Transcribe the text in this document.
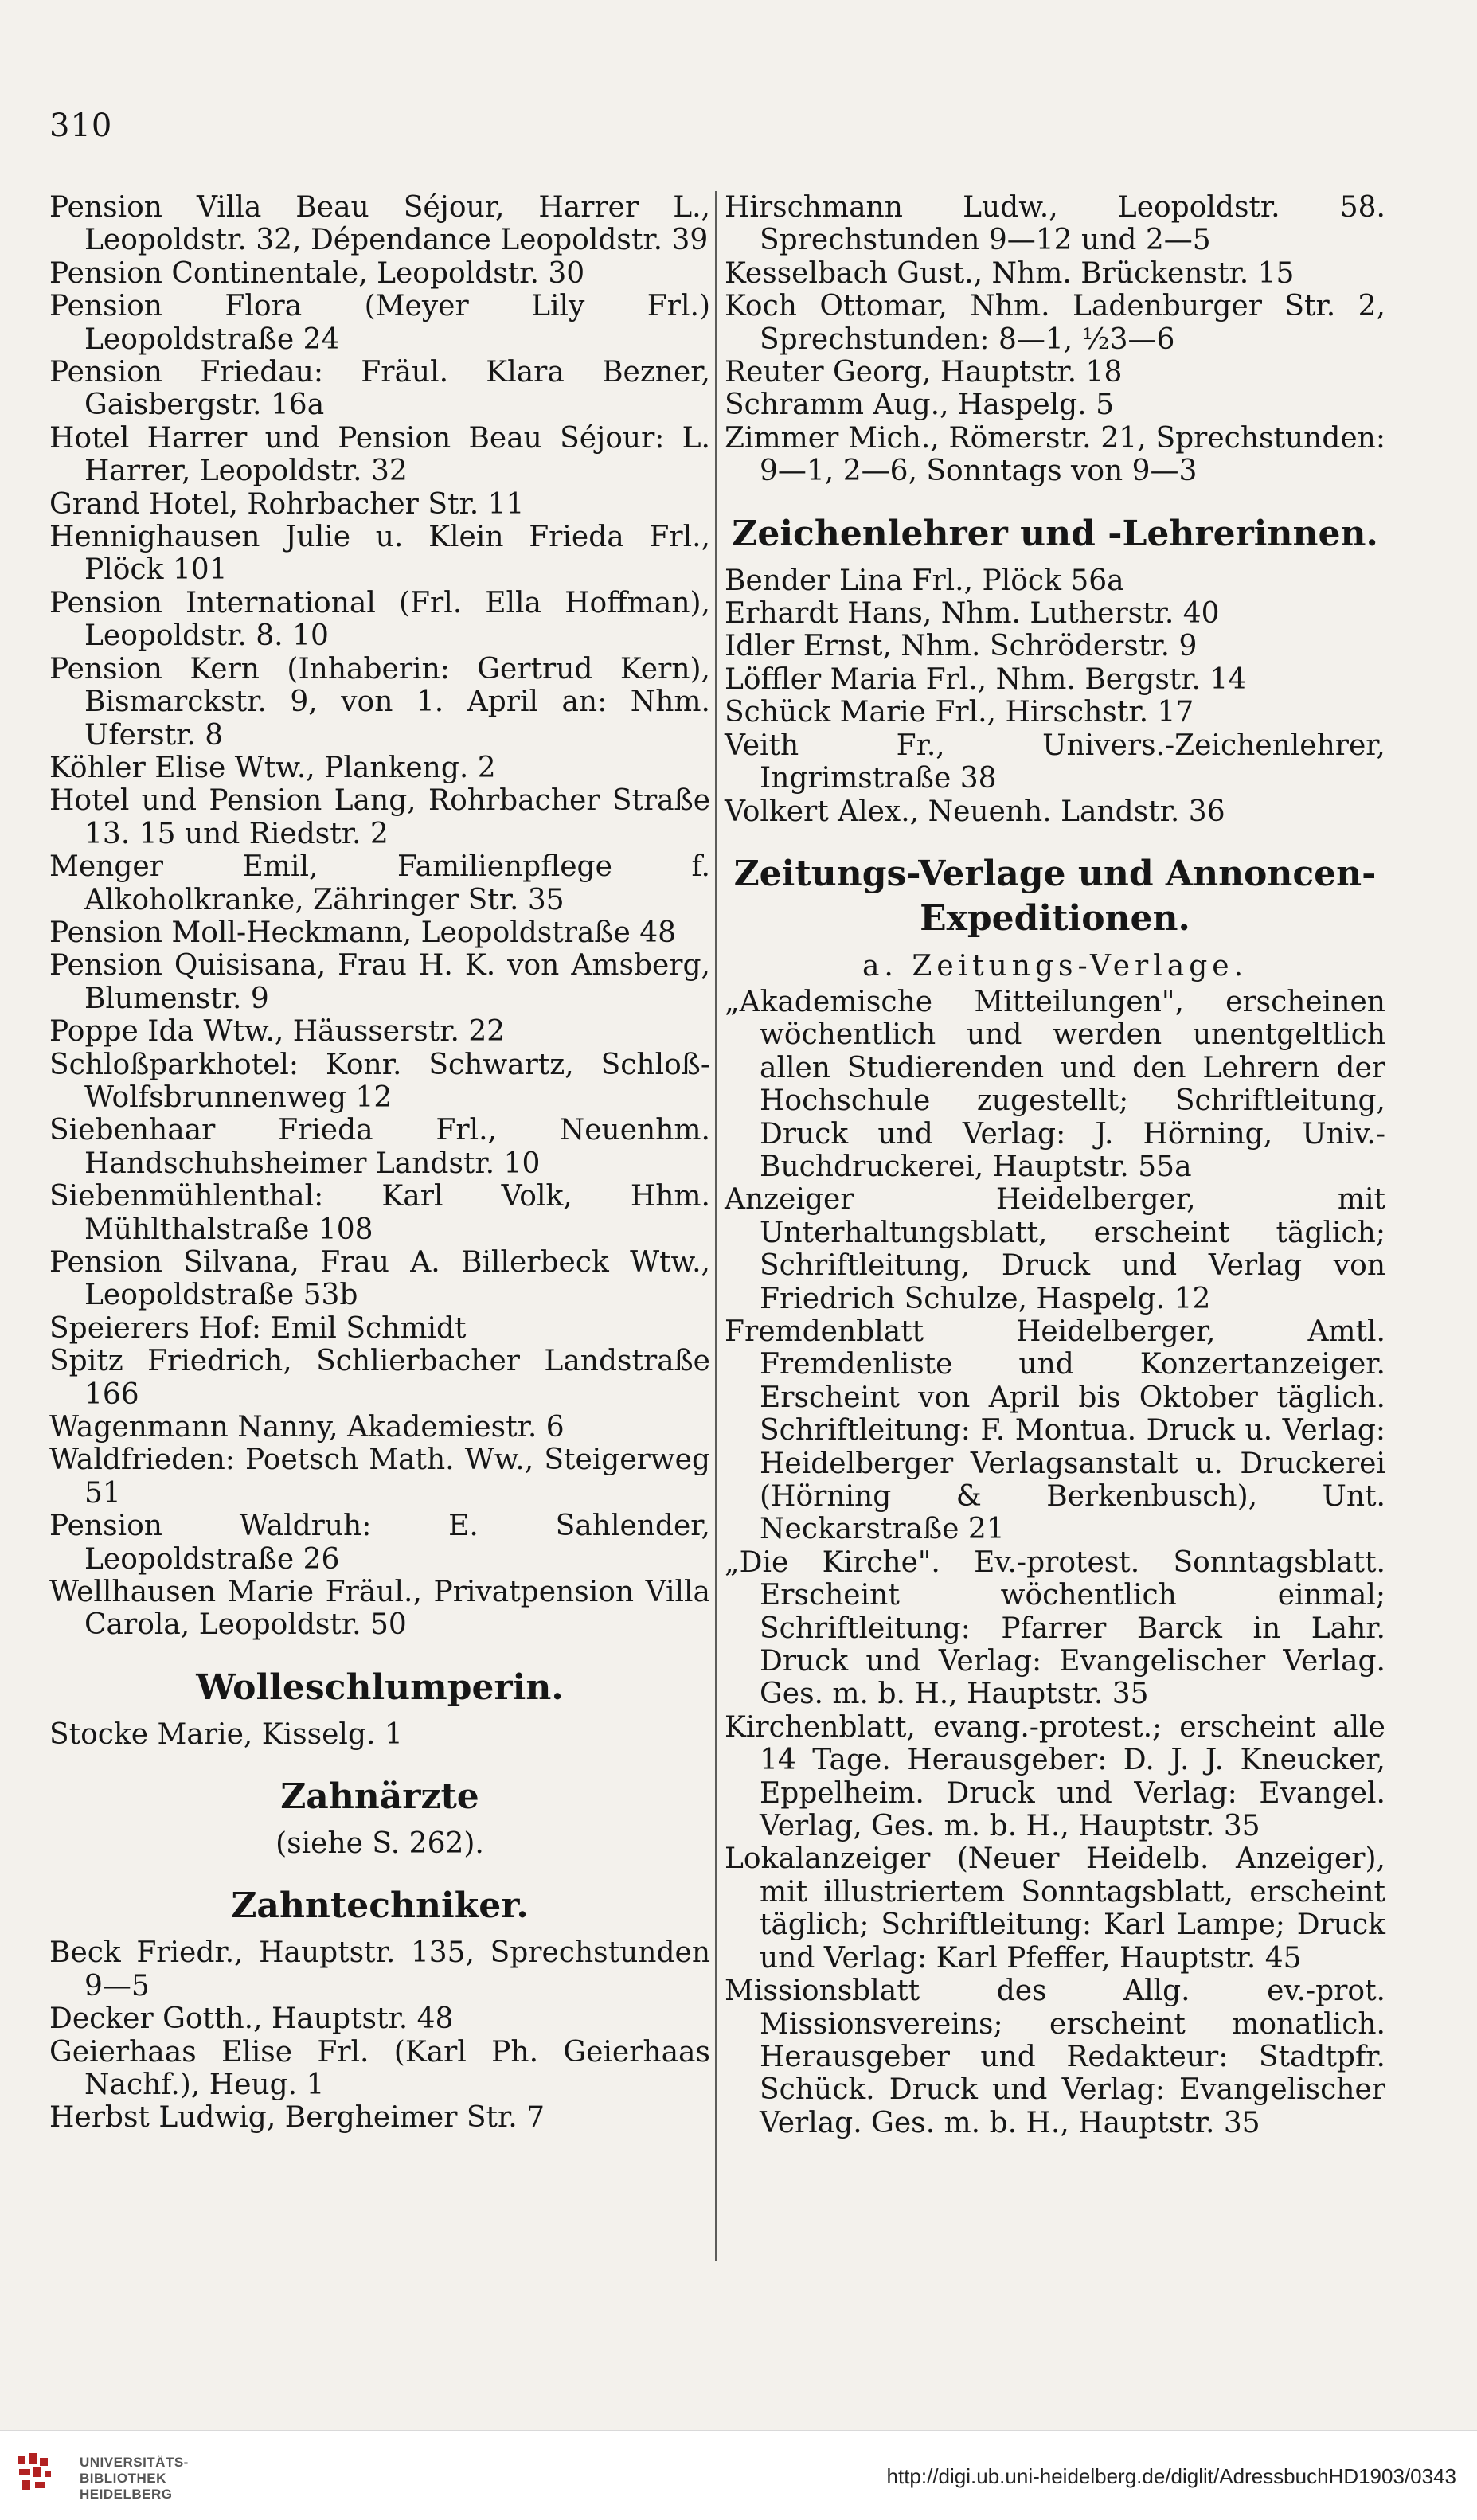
310

Pension Villa Beau Séjour, Harrer L., Leopoldstr. 32, Dépendance Leopoldstr. 39

Pension Continentale, Leopoldstr. 30

Pension Flora (Meyer Lily Frl.) Leopoldstraße 24

Pension Friedau: Fräul. Klara Bezner, Gaisbergstr. 16a

Hotel Harrer und Pension Beau Séjour: L. Harrer, Leopoldstr. 32

Grand Hotel, Rohrbacher Str. 11

Hennighausen Julie u. Klein Frieda Frl., Plöck 101

Pension International (Frl. Ella Hoffman), Leopoldstr. 8. 10

Pension Kern (Inhaberin: Gertrud Kern), Bismarckstr. 9, von 1. April an: Nhm. Uferstr. 8

Köhler Elise Wtw., Plankeng. 2

Hotel und Pension Lang, Rohrbacher Straße 13. 15 und Riedstr. 2

Menger Emil, Familienpflege f. Alkoholkranke, Zähringer Str. 35

Pension Moll-Heckmann, Leopoldstraße 48

Pension Quisisana, Frau H. K. von Amsberg, Blumenstr. 9

Poppe Ida Wtw., Häusserstr. 22

Schloßparkhotel: Konr. Schwartz, Schloß-Wolfsbrunnenweg 12

Siebenhaar Frieda Frl., Neuenhm. Handschuhsheimer Landstr. 10

Siebenmühlenthal: Karl Volk, Hhm. Mühlthalstraße 108

Pension Silvana, Frau A. Billerbeck Wtw., Leopoldstraße 53b

Speierers Hof: Emil Schmidt

Spitz Friedrich, Schlierbacher Landstraße 166

Wagenmann Nanny, Akademiestr. 6

Waldfrieden: Poetsch Math. Ww., Steigerweg 51

Pension Waldruh: E. Sahlender, Leopoldstraße 26

Wellhausen Marie Fräul., Privatpension Villa Carola, Leopoldstr. 50

Wolleschlumperin.

Stocke Marie, Kisselg. 1

Zahnärzte
(siehe S. 262).
Zahntechniker.

Beck Friedr., Hauptstr. 135, Sprechstunden 9—5

Decker Gotth., Hauptstr. 48

Geierhaas Elise Frl. (Karl Ph. Geierhaas Nachf.), Heug. 1

Herbst Ludwig, Bergheimer Str. 7

Hirschmann Ludw., Leopoldstr. 58. Sprechstunden 9—12 und 2—5

Kesselbach Gust., Nhm. Brückenstr. 15

Koch Ottomar, Nhm. Ladenburger Str. 2, Sprechstunden: 8—1, ½3—6

Reuter Georg, Hauptstr. 18

Schramm Aug., Haspelg. 5

Zimmer Mich., Römerstr. 21, Sprechstunden: 9—1, 2—6, Sonntags von 9—3

Zeichenlehrer und -Lehrerinnen.

Bender Lina Frl., Plöck 56a

Erhardt Hans, Nhm. Lutherstr. 40

Idler Ernst, Nhm. Schröderstr. 9

Löffler Maria Frl., Nhm. Bergstr. 14

Schück Marie Frl., Hirschstr. 17

Veith Fr., Univers.-Zeichenlehrer, Ingrimstraße 38

Volkert Alex., Neuenh. Landstr. 36

Zeitungs-Verlage und Annoncen-Expeditionen.
a. Zeitungs-Verlage.

„Akademische Mitteilungen", erscheinen wöchentlich und werden unentgeltlich allen Studierenden und den Lehrern der Hochschule zugestellt; Schriftleitung, Druck und Verlag: J. Hörning, Univ.-Buchdruckerei, Hauptstr. 55a

Anzeiger Heidelberger, mit Unterhaltungsblatt, erscheint täglich; Schriftleitung, Druck und Verlag von Friedrich Schulze, Haspelg. 12

Fremdenblatt Heidelberger, Amtl. Fremdenliste und Konzertanzeiger. Erscheint von April bis Oktober täglich. Schriftleitung: F. Montua. Druck u. Verlag: Heidelberger Verlagsanstalt u. Druckerei (Hörning & Berkenbusch), Unt. Neckarstraße 21

„Die Kirche". Ev.-protest. Sonntagsblatt. Erscheint wöchentlich einmal; Schriftleitung: Pfarrer Barck in Lahr. Druck und Verlag: Evangelischer Verlag. Ges. m. b. H., Hauptstr. 35

Kirchenblatt, evang.-protest.; erscheint alle 14 Tage. Herausgeber: D. J. J. Kneucker, Eppelheim. Druck und Verlag: Evangel. Verlag, Ges. m. b. H., Hauptstr. 35

Lokalanzeiger (Neuer Heidelb. Anzeiger), mit illustriertem Sonntagsblatt, erscheint täglich; Schriftleitung: Karl Lampe; Druck und Verlag: Karl Pfeffer, Hauptstr. 45

Missionsblatt des Allg. ev.-prot. Missionsvereins; erscheint monatlich. Herausgeber und Redakteur: Stadtpfr. Schück. Druck und Verlag: Evangelischer Verlag. Ges. m. b. H., Hauptstr. 35

UNIVERSITÄTS-
BIBLIOTHEK
HEIDELBERG
http://digi.ub.uni-heidelberg.de/diglit/AdressbuchHD1903/0343
